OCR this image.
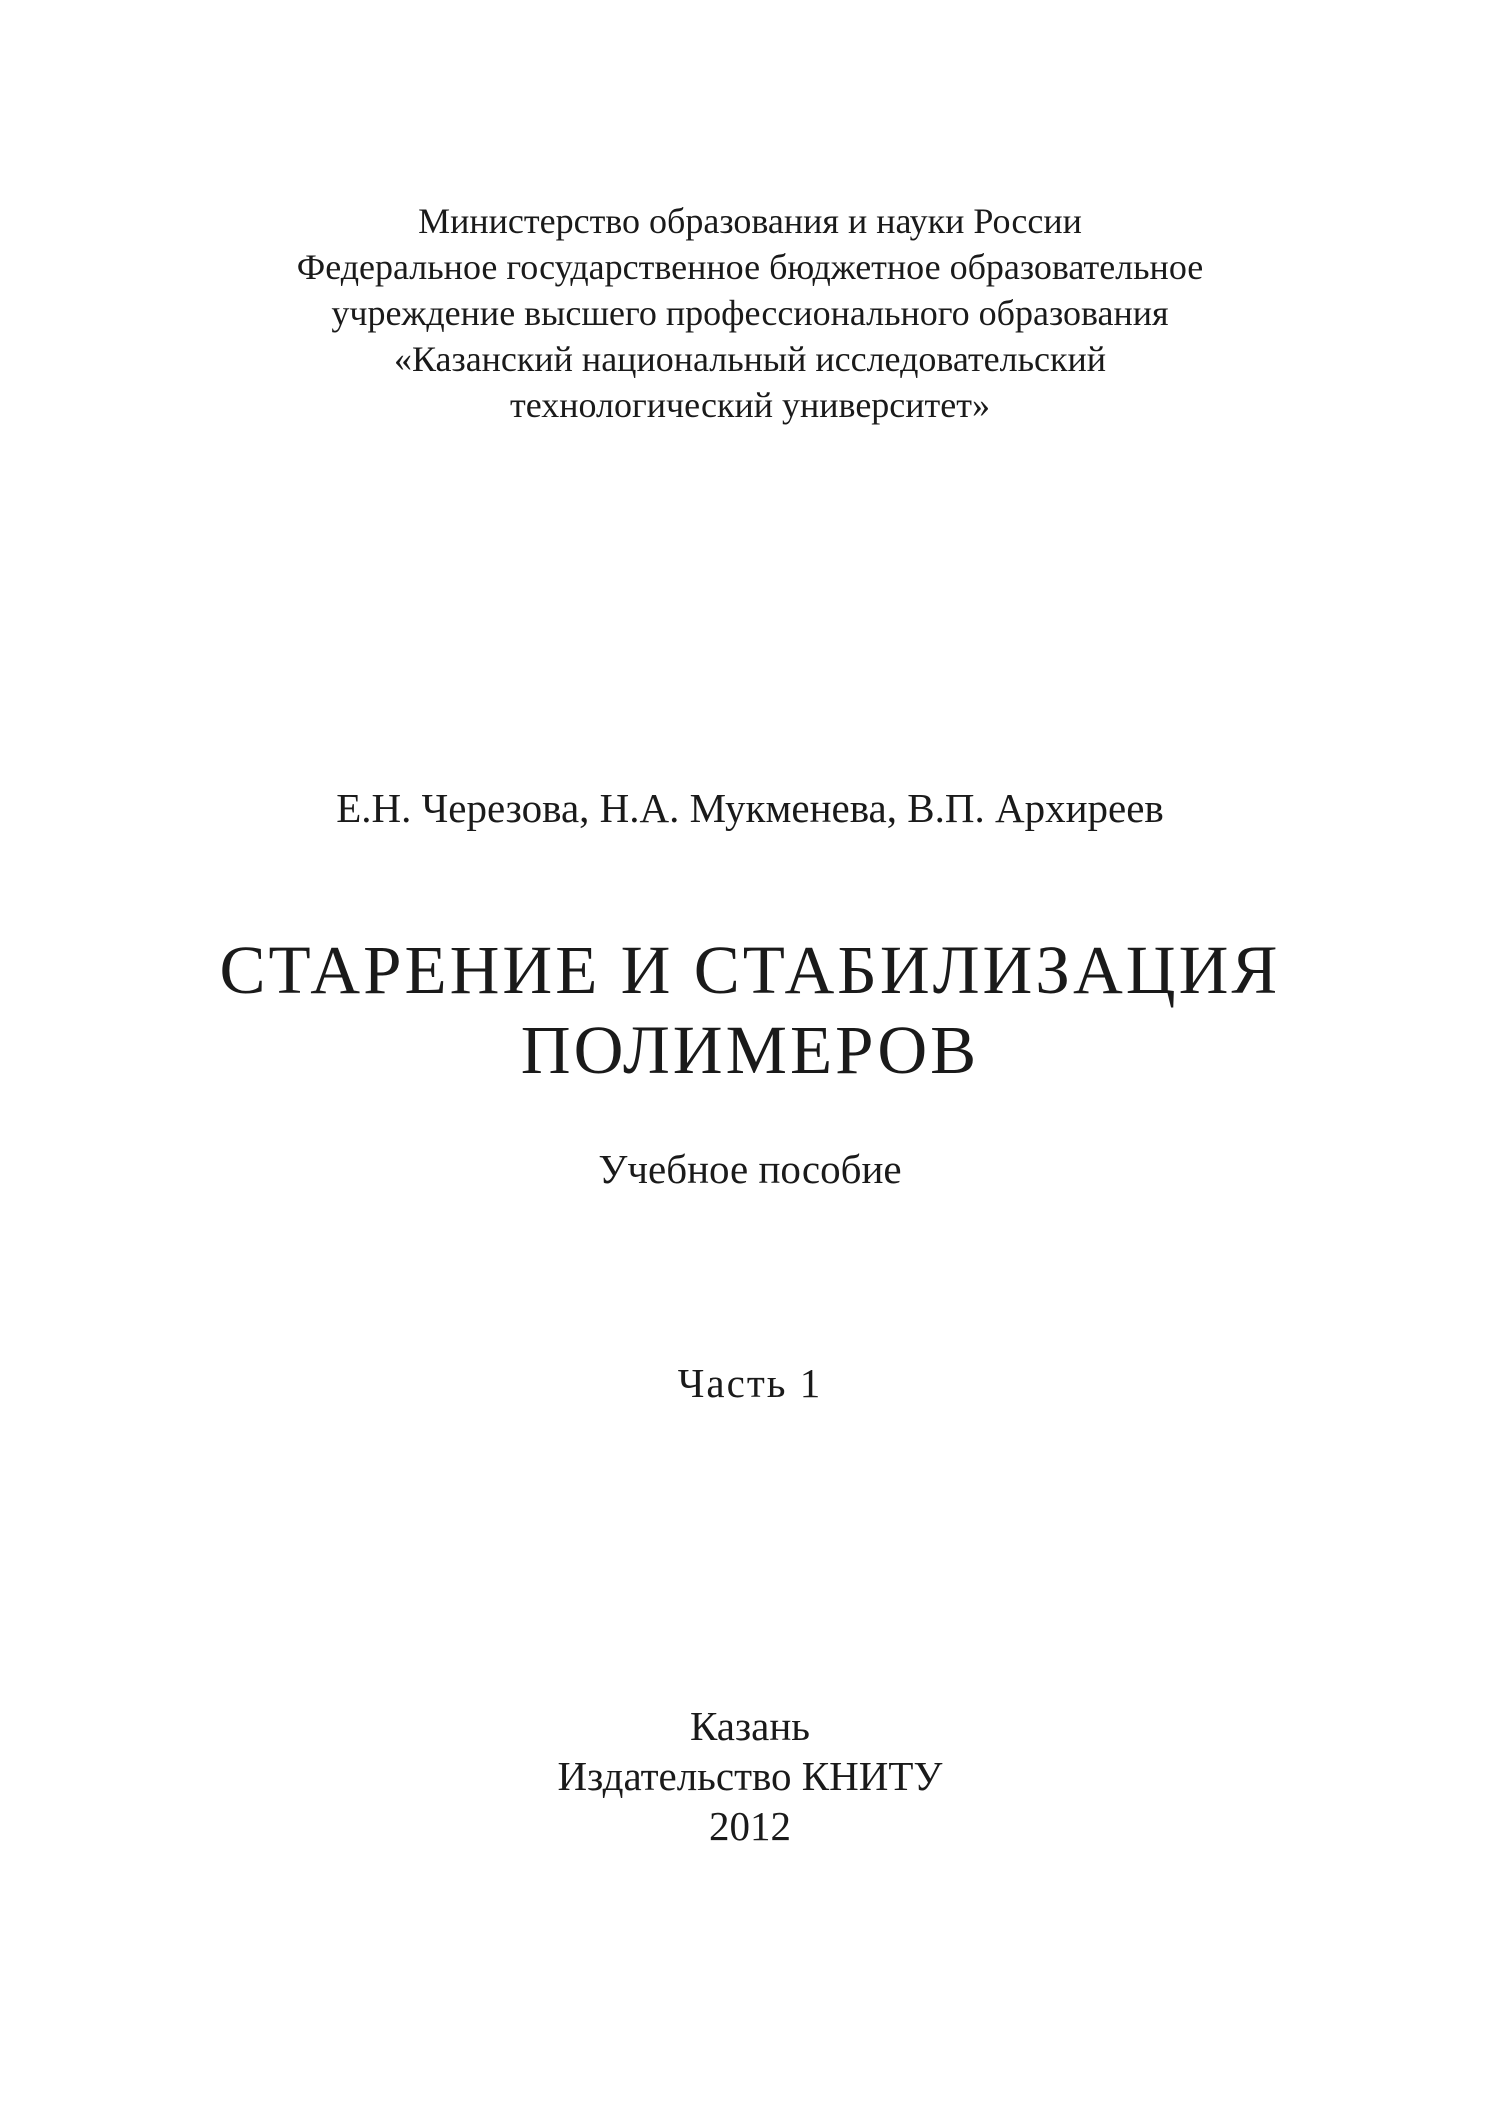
Министерство образования и науки России
Федеральное государственное бюджетное образовательное
учреждение высшего профессионального образования
«Казанский национальный исследовательский
технологический университет»
Е.Н. Черезова, Н.А. Мукменева, В.П. Архиреев
СТАРЕНИЕ И СТАБИЛИЗАЦИЯ
ПОЛИМЕРОВ
Учебное пособие
Часть 1
Казань
Издательство КНИТУ
2012
